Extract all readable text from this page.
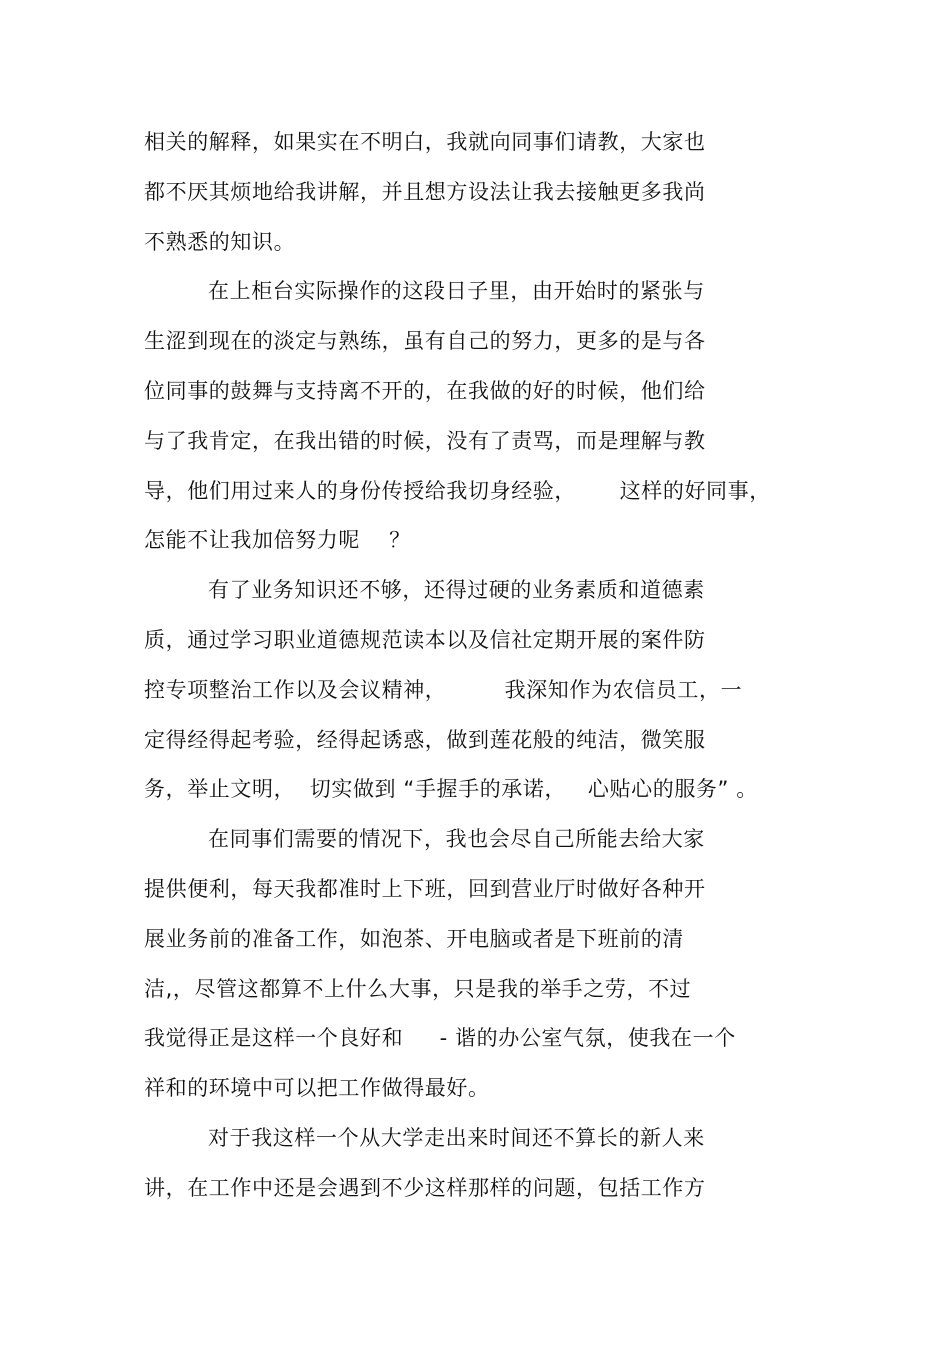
相关的解释，如果实在不明白，我就向同事们请教，大家也
都不厌其烦地给我讲解，并且想方设法让我去接触更多我尚
不熟悉的知识。
在上柜台实际操作的这段日子里，由开始时的紧张与
生涩到现在的淡定与熟练，虽有自己的努力，更多的是与各
位同事的鼓舞与支持离不开的，在我做的好的时候，他们给
与了我肯定，在我出错的时候，没有了责骂，而是理解与教
导，他们用过来人的身份传授给我切身经验，      这样的好同事，
怎能不让我加倍努力呢    ？
有了业务知识还不够，还得过硬的业务素质和道德素
质，通过学习职业道德规范读本以及信社定期开展的案件防
控专项整治工作以及会议精神，        我深知作为农信员工，一
定得经得起考验，经得起诱惑，做到莲花般的纯洁，微笑服
务，举止文明，  切实做到 “手握手的承诺，   心贴心的服务” 。
在同事们需要的情况下，我也会尽自己所能去给大家
提供便利，每天我都准时上下班，回到营业厅时做好各种开
展业务前的准备工作，如泡茶、开电脑或者是下班前的清
洁,，尽管这都算不上什么大事，只是我的举手之劳，不过
我觉得正是这样一个良好和     - 谐的办公室气氛，使我在一个
祥和的环境中可以把工作做得最好。
对于我这样一个从大学走出来时间还不算长的新人来
讲，在工作中还是会遇到不少这样那样的问题，包括工作方
